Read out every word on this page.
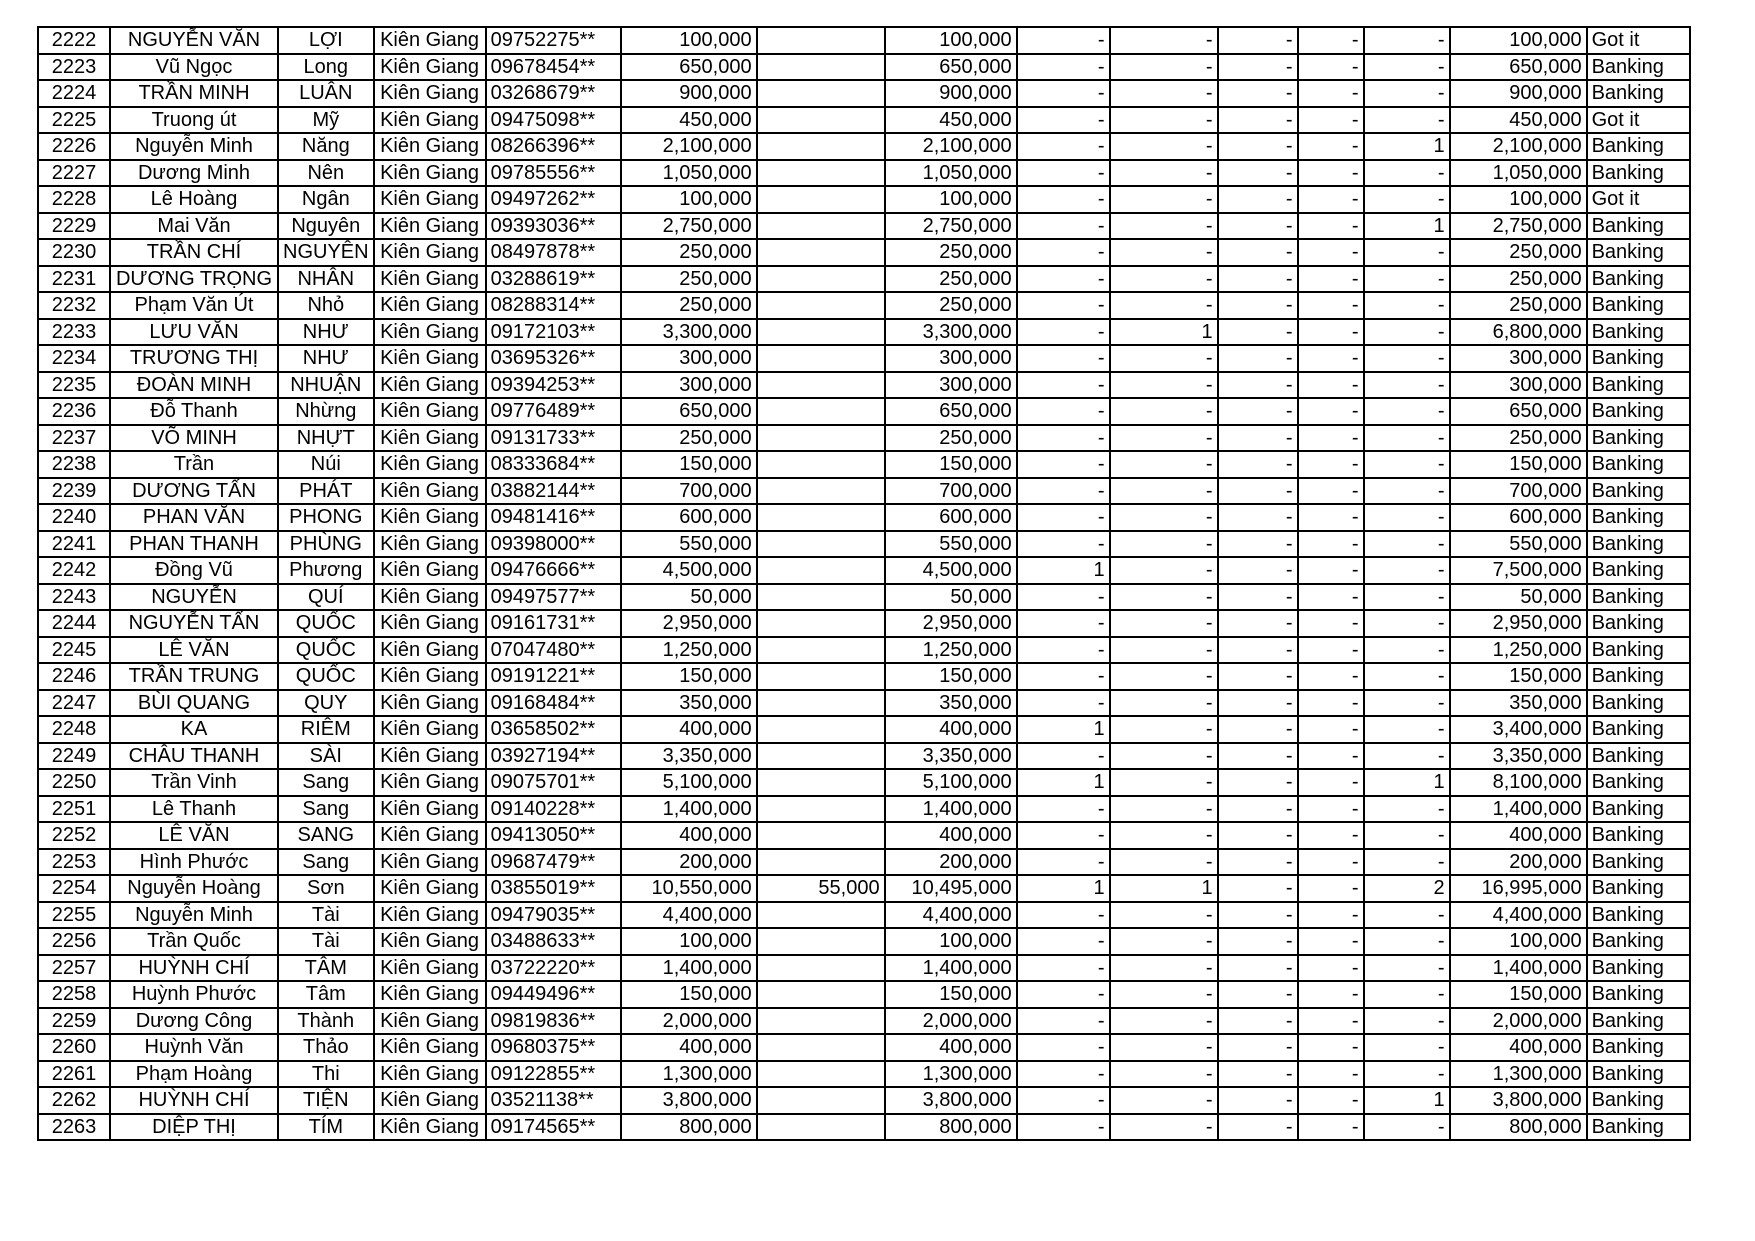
2222	NGUYỄN VĂN	LỢI	Kiên Giang	09752275**	100,000		100,000	-	-	-	-	-	100,000	Got it
2223	Vũ Ngọc	Long	Kiên Giang	09678454**	650,000		650,000	-	-	-	-	-	650,000	Banking
2224	TRẦN MINH	LUÂN	Kiên Giang	03268679**	900,000		900,000	-	-	-	-	-	900,000	Banking
2225	Truong út	Mỹ	Kiên Giang	09475098**	450,000		450,000	-	-	-	-	-	450,000	Got it
2226	Nguyễn Minh	Năng	Kiên Giang	08266396**	2,100,000		2,100,000	-	-	-	-	1	2,100,000	Banking
2227	Dương Minh	Nên	Kiên Giang	09785556**	1,050,000		1,050,000	-	-	-	-	-	1,050,000	Banking
2228	Lê Hoàng	Ngân	Kiên Giang	09497262**	100,000		100,000	-	-	-	-	-	100,000	Got it
2229	Mai Văn	Nguyên	Kiên Giang	09393036**	2,750,000		2,750,000	-	-	-	-	1	2,750,000	Banking
2230	TRẦN CHÍ	NGUYÊN	Kiên Giang	08497878**	250,000		250,000	-	-	-	-	-	250,000	Banking
2231	DƯƠNG TRỌNG	NHÂN	Kiên Giang	03288619**	250,000		250,000	-	-	-	-	-	250,000	Banking
2232	Phạm Văn Út	Nhỏ	Kiên Giang	08288314**	250,000		250,000	-	-	-	-	-	250,000	Banking
2233	LƯU VĂN	NHƯ	Kiên Giang	09172103**	3,300,000		3,300,000	-	1	-	-	-	6,800,000	Banking
2234	TRƯƠNG THỊ	NHƯ	Kiên Giang	03695326**	300,000		300,000	-	-	-	-	-	300,000	Banking
2235	ĐOÀN MINH	NHUẬN	Kiên Giang	09394253**	300,000		300,000	-	-	-	-	-	300,000	Banking
2236	Đỗ Thanh	Nhừng	Kiên Giang	09776489**	650,000		650,000	-	-	-	-	-	650,000	Banking
2237	VÕ MINH	NHỰT	Kiên Giang	09131733**	250,000		250,000	-	-	-	-	-	250,000	Banking
2238	Trần	Núi	Kiên Giang	08333684**	150,000		150,000	-	-	-	-	-	150,000	Banking
2239	DƯƠNG TẤN	PHÁT	Kiên Giang	03882144**	700,000		700,000	-	-	-	-	-	700,000	Banking
2240	PHAN VĂN	PHONG	Kiên Giang	09481416**	600,000		600,000	-	-	-	-	-	600,000	Banking
2241	PHAN THANH	PHÙNG	Kiên Giang	09398000**	550,000		550,000	-	-	-	-	-	550,000	Banking
2242	Đồng Vũ	Phương	Kiên Giang	09476666**	4,500,000		4,500,000	1	-	-	-	-	7,500,000	Banking
2243	NGUYỄN	QUÍ	Kiên Giang	09497577**	50,000		50,000	-	-	-	-	-	50,000	Banking
2244	NGUYỄN TẤN	QUỐC	Kiên Giang	09161731**	2,950,000		2,950,000	-	-	-	-	-	2,950,000	Banking
2245	LÊ VĂN	QUỐC	Kiên Giang	07047480**	1,250,000		1,250,000	-	-	-	-	-	1,250,000	Banking
2246	TRẦN TRUNG	QUỐC	Kiên Giang	09191221**	150,000		150,000	-	-	-	-	-	150,000	Banking
2247	BÙI QUANG	QUY	Kiên Giang	09168484**	350,000		350,000	-	-	-	-	-	350,000	Banking
2248	KA	RIÊM	Kiên Giang	03658502**	400,000		400,000	1	-	-	-	-	3,400,000	Banking
2249	CHÂU THANH	SÀI	Kiên Giang	03927194**	3,350,000		3,350,000	-	-	-	-	-	3,350,000	Banking
2250	Trần Vinh	Sang	Kiên Giang	09075701**	5,100,000		5,100,000	1	-	-	-	1	8,100,000	Banking
2251	Lê Thanh	Sang	Kiên Giang	09140228**	1,400,000		1,400,000	-	-	-	-	-	1,400,000	Banking
2252	LÊ VĂN	SANG	Kiên Giang	09413050**	400,000		400,000	-	-	-	-	-	400,000	Banking
2253	Hình Phước	Sang	Kiên Giang	09687479**	200,000		200,000	-	-	-	-	-	200,000	Banking
2254	Nguyễn Hoàng	Sơn	Kiên Giang	03855019**	10,550,000	55,000	10,495,000	1	1	-	-	2	16,995,000	Banking
2255	Nguyễn Minh	Tài	Kiên Giang	09479035**	4,400,000		4,400,000	-	-	-	-	-	4,400,000	Banking
2256	Trần Quốc	Tài	Kiên Giang	03488633**	100,000		100,000	-	-	-	-	-	100,000	Banking
2257	HUỲNH CHÍ	TÂM	Kiên Giang	03722220**	1,400,000		1,400,000	-	-	-	-	-	1,400,000	Banking
2258	Huỳnh Phước	Tâm	Kiên Giang	09449496**	150,000		150,000	-	-	-	-	-	150,000	Banking
2259	Dương Công	Thành	Kiên Giang	09819836**	2,000,000		2,000,000	-	-	-	-	-	2,000,000	Banking
2260	Huỳnh Văn	Thảo	Kiên Giang	09680375**	400,000		400,000	-	-	-	-	-	400,000	Banking
2261	Phạm Hoàng	Thi	Kiên Giang	09122855**	1,300,000		1,300,000	-	-	-	-	-	1,300,000	Banking
2262	HUỲNH CHÍ	TIỆN	Kiên Giang	03521138**	3,800,000		3,800,000	-	-	-	-	1	3,800,000	Banking
2263	DIỆP THỊ	TÍM	Kiên Giang	09174565**	800,000		800,000	-	-	-	-	-	800,000	Banking
